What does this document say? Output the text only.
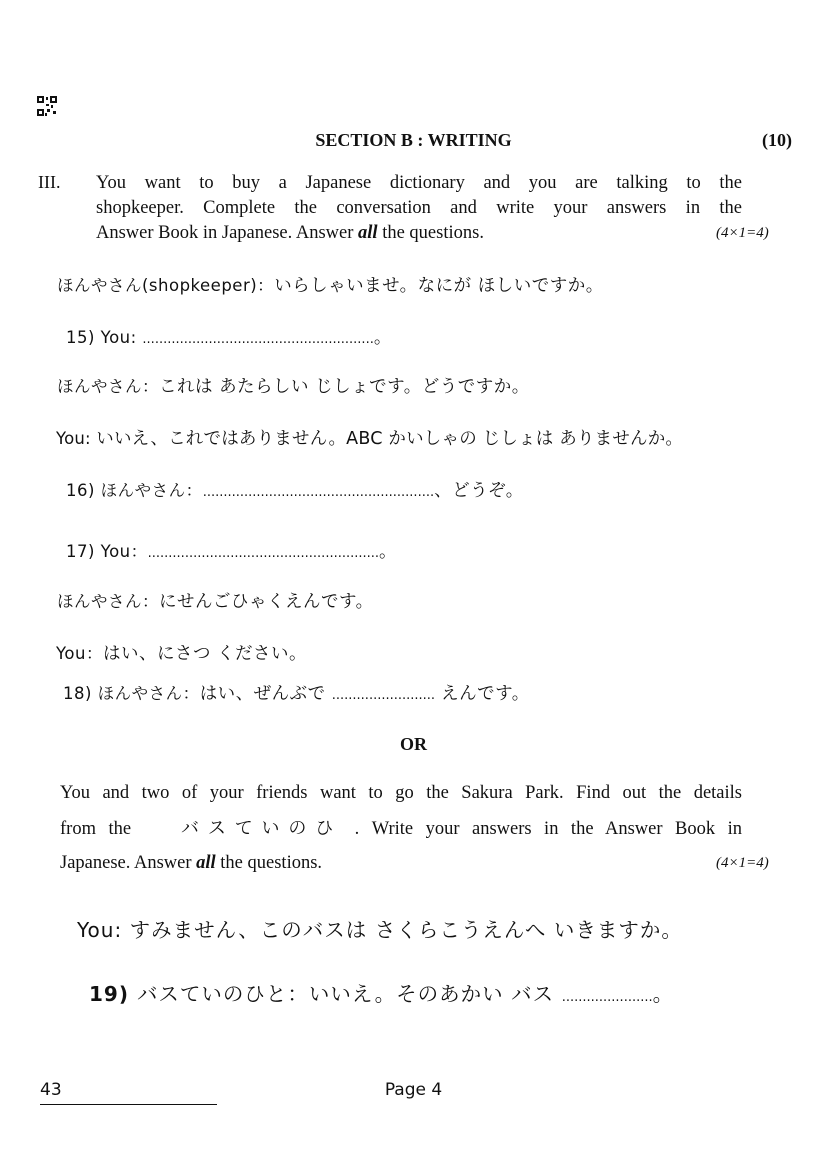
SECTION B : WRITING	(10)
III. You want to buy a Japanese dictionary and you are talking to the
shopkeeper. Complete the conversation and write your answers in the
Answer Book in Japanese. Answer all the questions.	(4×1=4)
ほんやさん(shopkeeper)：いらしゃいませ。なにが ほしいですか。
15) You: ........................................................。
ほんやさん：これは あたらしい じしょです。どうですか。
You: いいえ、これではありません。ABC かいしゃの じしょは ありませんか。
16) ほんやさん：........................................................、どうぞ。
17) You：........................................................。
ほんやさん：にせんごひゃくえんです。
You：はい、にさつ ください。
18) ほんやさん：はい、ぜんぶで ......................... えんです。
OR
You and two of your friends want to go the Sakura Park. Find out the details
from the    バスていのひ . Write your answers in the Answer Book in
Japanese. Answer all the questions.	(4×1=4)
You: すみません、このバスは さくらこうえんへ いきますか。
19) バスていのひと：いいえ。そのあかい バス ......................。
43	Page 4
